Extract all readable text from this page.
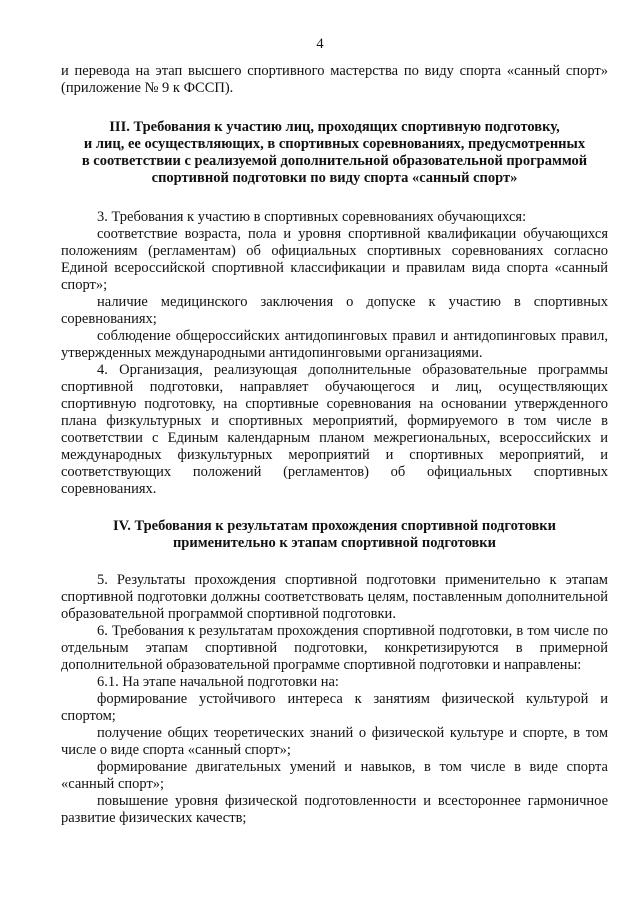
4

и перевода на этап высшего спортивного мастерства по виду спорта «санный спорт» (приложение № 9 к ФССП).

III. Требования к участию лиц, проходящих спортивную подготовку,
и лиц, ее осуществляющих, в спортивных соревнованиях, предусмотренных
в соответствии с реализуемой дополнительной образовательной программой
спортивной подготовки по виду спорта «санный спорт»

3. Требования к участию в спортивных соревнованиях обучающихся:

соответствие возраста, пола и уровня спортивной квалификации обучающихся положениям (регламентам) об официальных спортивных соревнованиях согласно Единой всероссийской спортивной классификации и правилам вида спорта «санный спорт»;

наличие медицинского заключения о допуске к участию в спортивных соревнованиях;

соблюдение общероссийских антидопинговых правил и антидопинговых правил, утвержденных международными антидопинговыми организациями.

4. Организация, реализующая дополнительные образовательные программы спортивной подготовки, направляет обучающегося и лиц, осуществляющих спортивную подготовку, на спортивные соревнования на основании утвержденного плана физкультурных и спортивных мероприятий, формируемого в том числе в соответствии с Единым календарным планом межрегиональных, всероссийских и международных физкультурных мероприятий и спортивных мероприятий, и соответствующих положений (регламентов) об официальных спортивных соревнованиях.

IV. Требования к результатам прохождения спортивной подготовки
применительно к этапам спортивной подготовки

5. Результаты прохождения спортивной подготовки применительно к этапам спортивной подготовки должны соответствовать целям, поставленным дополнительной образовательной программой спортивной подготовки.

6. Требования к результатам прохождения спортивной подготовки, в том числе по отдельным этапам спортивной подготовки, конкретизируются в примерной дополнительной образовательной программе спортивной подготовки и направлены:

6.1. На этапе начальной подготовки на:

формирование устойчивого интереса к занятиям физической культурой и спортом;

получение общих теоретических знаний о физической культуре и спорте, в том числе о виде спорта «санный спорт»;

формирование двигательных умений и навыков, в том числе в виде спорта «санный спорт»;

повышение уровня физической подготовленности и всестороннее гармоничное развитие физических качеств;
